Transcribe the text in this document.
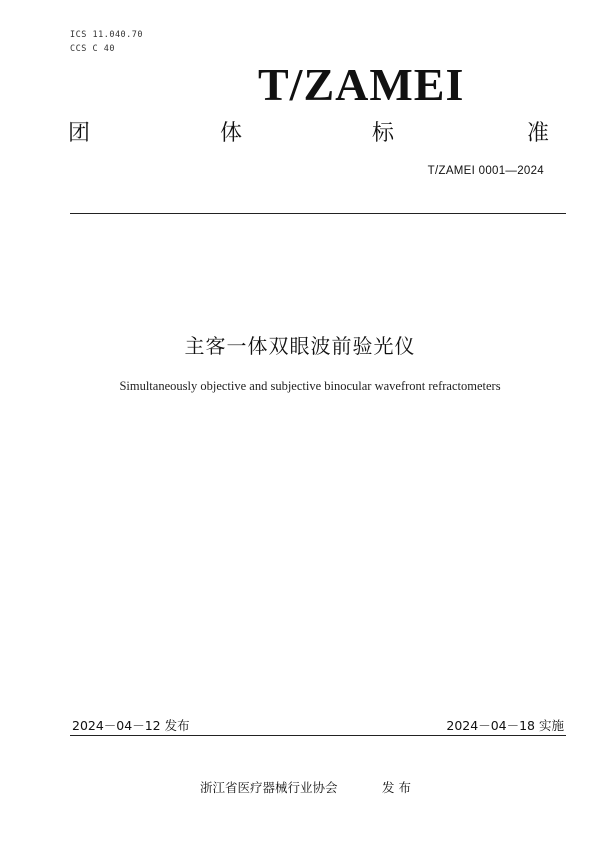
ICS 11.040.70
CCS C 40
T/ZAMEI
团	体	标	准
T/ZAMEI 0001—2024
主客一体双眼波前验光仪
Simultaneously objective and subjective binocular wavefront refractometers
2024－04－12 发布	2024－04－18 实施
浙江省医疗器械行业协会	发 布
